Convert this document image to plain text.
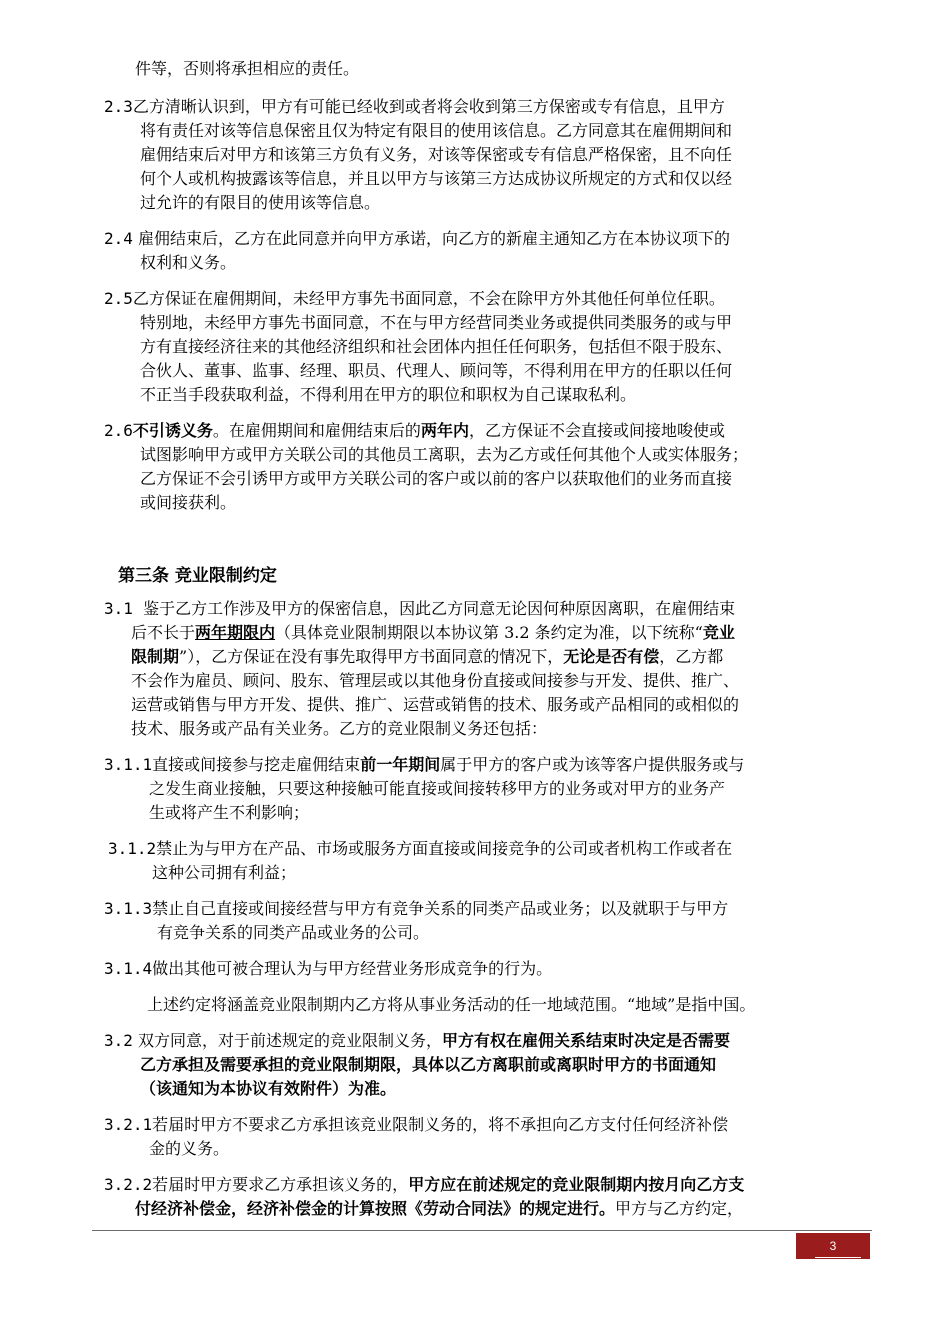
件等，否则将承担相应的责任。
2.3乙方清晰认识到，甲方有可能已经收到或者将会收到第三方保密或专有信息，且甲方
将有责任对该等信息保密且仅为特定有限目的使用该信息。乙方同意其在雇佣期间和
雇佣结束后对甲方和该第三方负有义务，对该等保密或专有信息严格保密，且不向任
何个人或机构披露该等信息，并且以甲方与该第三方达成协议所规定的方式和仅以经
过允许的有限目的使用该等信息。
2.4 雇佣结束后，乙方在此同意并向甲方承诺，向乙方的新雇主通知乙方在本协议项下的
权利和义务。
2.5乙方保证在雇佣期间，未经甲方事先书面同意，不会在除甲方外其他任何单位任职。
特别地，未经甲方事先书面同意，不在与甲方经营同类业务或提供同类服务的或与甲
方有直接经济往来的其他经济组织和社会团体内担任任何职务，包括但不限于股东、
合伙人、董事、监事、经理、职员、代理人、顾问等，不得利用在甲方的任职以任何
不正当手段获取利益，不得利用在甲方的职位和职权为自己谋取私利。
2.6不引诱义务。在雇佣期间和雇佣结束后的两年内，乙方保证不会直接或间接地唆使或
试图影响甲方或甲方关联公司的其他员工离职，去为乙方或任何其他个人或实体服务；
乙方保证不会引诱甲方或甲方关联公司的客户或以前的客户以获取他们的业务而直接
或间接获利。
第三条 竞业限制约定
3.1 鉴于乙方工作涉及甲方的保密信息，因此乙方同意无论因何种原因离职，在雇佣结束
后不长于两年期限内（具体竞业限制期限以本协议第 3.2 条约定为准，以下统称“竞业
限制期”），乙方保证在没有事先取得甲方书面同意的情况下，无论是否有偿，乙方都
不会作为雇员、顾问、股东、管理层或以其他身份直接或间接参与开发、提供、推广、
运营或销售与甲方开发、提供、推广、运营或销售的技术、服务或产品相同的或相似的
技术、服务或产品有关业务。乙方的竞业限制义务还包括：
3.1.1直接或间接参与挖走雇佣结束前一年期间属于甲方的客户或为该等客户提供服务或与
之发生商业接触，只要这种接触可能直接或间接转移甲方的业务或对甲方的业务产
生或将产生不利影响；
3.1.2禁止为与甲方在产品、市场或服务方面直接或间接竞争的公司或者机构工作或者在
这种公司拥有利益；
3.1.3禁止自己直接或间接经营与甲方有竞争关系的同类产品或业务；以及就职于与甲方
有竞争关系的同类产品或业务的公司。
3.1.4做出其他可被合理认为与甲方经营业务形成竞争的行为。
上述约定将涵盖竞业限制期内乙方将从事业务活动的任一地域范围。“地域”是指中国。
3.2 双方同意，对于前述规定的竞业限制义务，甲方有权在雇佣关系结束时决定是否需要
乙方承担及需要承担的竞业限制期限，具体以乙方离职前或离职时甲方的书面通知
（该通知为本协议有效附件）为准。
3.2.1若届时甲方不要求乙方承担该竞业限制义务的，将不承担向乙方支付任何经济补偿
金的义务。
3.2.2若届时甲方要求乙方承担该义务的，甲方应在前述规定的竞业限制期内按月向乙方支
付经济补偿金，经济补偿金的计算按照《劳动合同法》的规定进行。甲方与乙方约定，
3
